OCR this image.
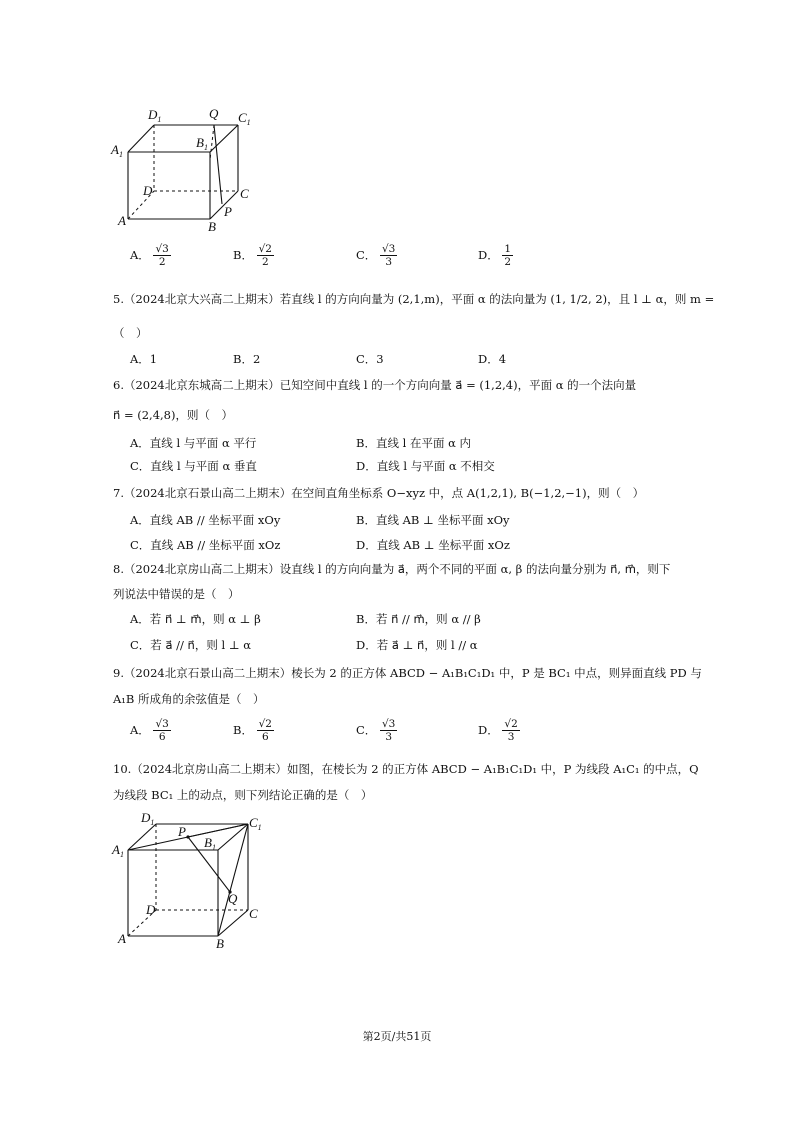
$D_1$	Q $C_1$
$A_1$
$B_1$
D	C
P
A	B
A． $\frac{√3}{2}$	B． $\frac{√2}{2}$	C． $\frac{√3}{3}$	D． $\frac{1}{2}$
5.（2024北京大兴高二上期末）若直线 l 的方向向量为 (2,1,m)，平面 α 的法向量为 (1, 1/2, 2)，且 l ⊥ α，则 m =
（　）
A．1	B．2	C．3	D．4
6.（2024北京东城高二上期末）已知空间中直线 l 的一个方向向量 a⃗ = (1,2,4)，平面 α 的一个法向量
n⃗ = (2,4,8)，则（　）
A．直线 l 与平面 α 平行	B．直线 l 在平面 α 内
C．直线 l 与平面 α 垂直	D．直线 l 与平面 α 不相交
7.（2024北京石景山高二上期末）在空间直角坐标系 O−xyz 中，点 A(1,2,1), B(−1,2,−1)，则（　）
A．直线 AB // 坐标平面 xOy	B．直线 AB ⊥ 坐标平面 xOy
C．直线 AB // 坐标平面 xOz	D．直线 AB ⊥ 坐标平面 xOz
8.（2024北京房山高二上期末）设直线 l 的方向向量为 a⃗，两个不同的平面 α, β 的法向量分别为 n⃗, m⃗，则下
列说法中错误的是（　）
A．若 n⃗ ⊥ m⃗，则 α ⊥ β	B．若 n⃗ // m⃗，则 α // β
C．若 a⃗ // n⃗，则 l ⊥ α	D．若 a⃗ ⊥ n⃗，则 l // α
9.（2024北京石景山高二上期末）棱长为 2 的正方体 ABCD − A₁B₁C₁D₁ 中，P 是 BC₁ 中点，则异面直线 PD 与
A₁B 所成角的余弦值是（　）
A． $\frac{√3}{6}$	B． $\frac{√2}{6}$	C． $\frac{√3}{3}$	D． $\frac{√2}{3}$
10.（2024北京房山高二上期末）如图，在棱长为 2 的正方体 ABCD − A₁B₁C₁D₁ 中，P 为线段 A₁C₁ 的中点，Q
为线段 BC₁ 上的动点，则下列结论正确的是（　）
$D_1$
P
$C_1$
$A_1$
$B_1$
Q
D	C
A	B
第2页/共51页
